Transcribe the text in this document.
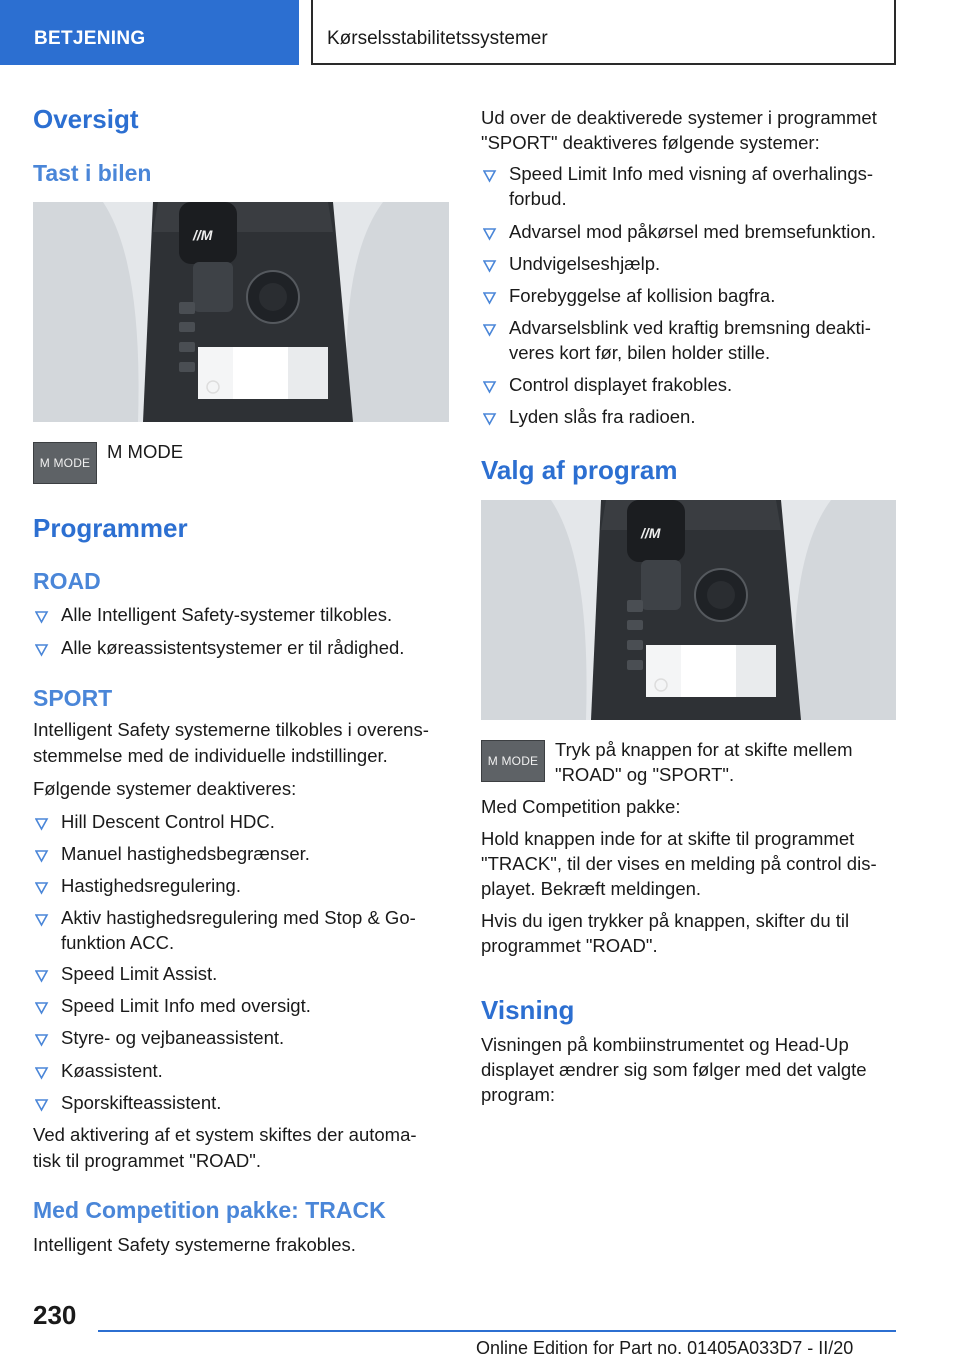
BETJENING	Kørselsstabilitetssystemer
Oversigt
Tast i bilen
//M
M MODE
M MODE
Programmer
ROAD
Alle Intelligent Safety-systemer tilkobles.
Alle køreassistentsystemer er til rådighed.
SPORT
Intelligent Safety systemerne tilkobles i overens-
stemmelse med de individuelle indstillinger.
Følgende systemer deaktiveres:
Hill Descent Control HDC.
Manuel hastighedsbegrænser.
Hastighedsregulering.
Aktiv hastighedsregulering med Stop & Go-
funktion ACC.
Speed Limit Assist.
Speed Limit Info med oversigt.
Styre- og vejbaneassistent.
Køassistent.
Sporskifteassistent.
Ved aktivering af et system skiftes der automa-
tisk til programmet "ROAD".
Med Competition pakke: TRACK
Intelligent Safety systemerne frakobles.
Ud over de deaktiverede systemer i programmet
"SPORT" deaktiveres følgende systemer:
Speed Limit Info med visning af overhalings-
forbud.
Advarsel mod påkørsel med bremsefunktion.
Undvigelseshjælp.
Forebyggelse af kollision bagfra.
Advarselsblink ved kraftig bremsning deakti-
veres kort før, bilen holder stille.
Control displayet frakobles.
Lyden slås fra radioen.
Valg af program
//M
M MODE
Tryk på knappen for at skifte mellem
"ROAD" og "SPORT".
Med Competition pakke:
Hold knappen inde for at skifte til programmet
"TRACK", til der vises en melding på control dis-
playet. Bekræft meldingen.
Hvis du igen trykker på knappen, skifter du til
programmet "ROAD".
Visning
Visningen på kombiinstrumentet og Head-Up
displayet ændrer sig som følger med det valgte
program:
230
Online Edition for Part no. 01405A033D7 - II/20
